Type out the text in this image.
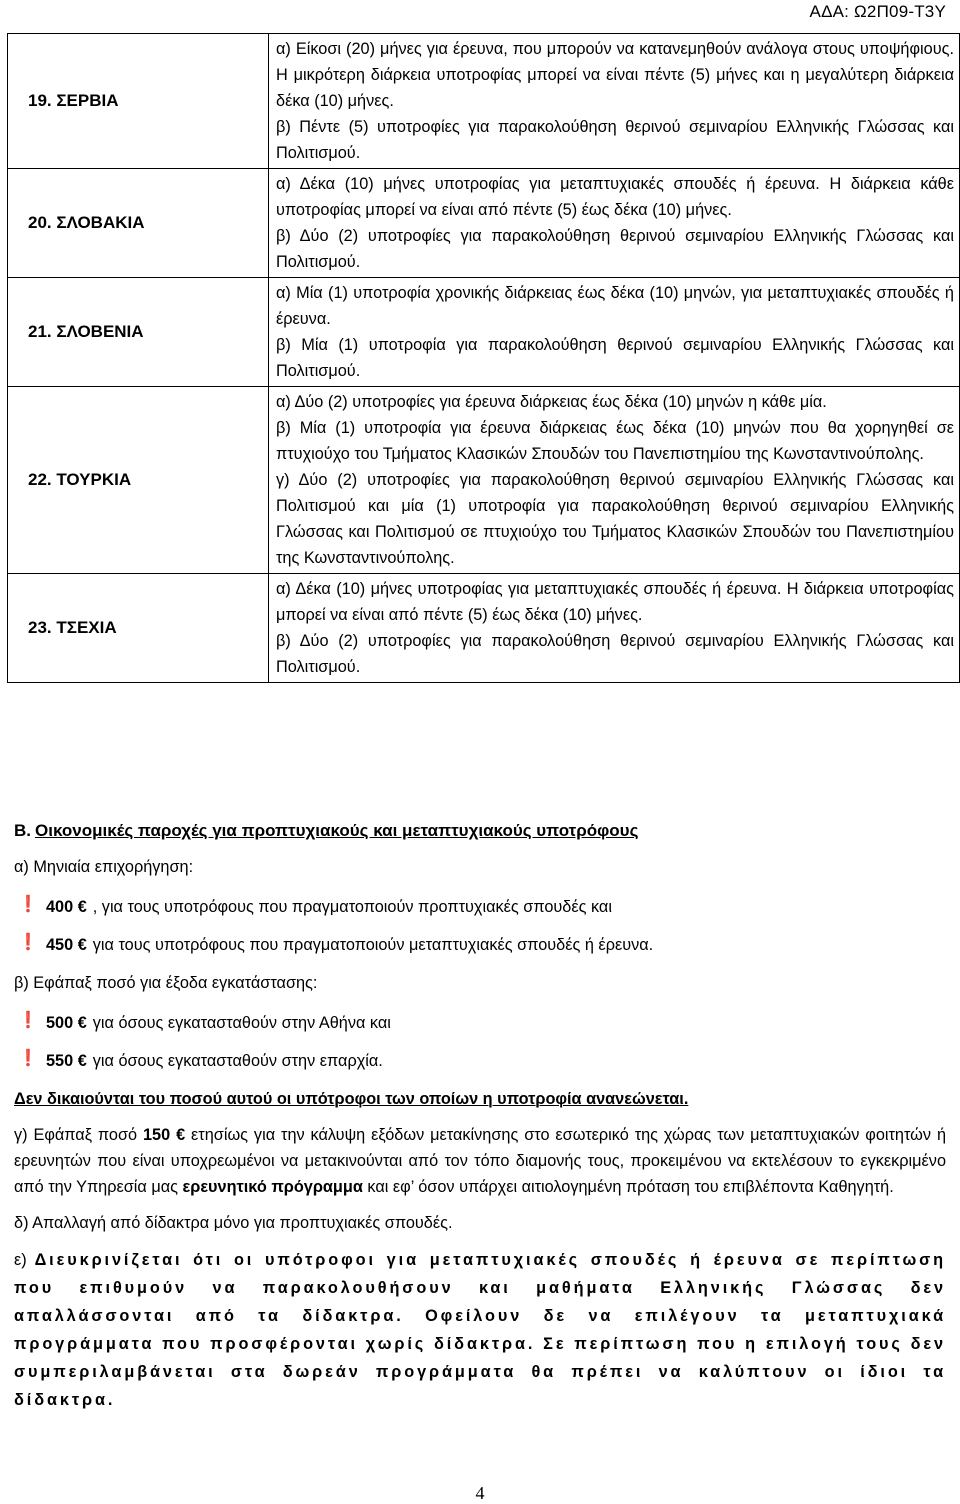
ΑΔΑ: Ω2Π09-Τ3Υ
19. ΣΕΡΒΙΑ	α) Είκοσι (20) μήνες για έρευνα, που μπορούν να κατανεμηθούν ανάλογα στους υποψήφιους. Η μικρότερη διάρκεια υποτροφίας μπορεί να είναι πέντε (5) μήνες και η μεγαλύτερη διάρκεια δέκα (10) μήνες.

β) Πέντε (5) υποτροφίες για παρακολούθηση θερινού σεμιναρίου Ελληνικής Γλώσσας και Πολιτισμού.

20. ΣΛΟΒΑΚΙΑ	α) Δέκα (10) μήνες υποτροφίας για μεταπτυχιακές σπουδές ή έρευνα. Η διάρκεια κάθε υποτροφίας μπορεί να είναι από πέντε (5) έως δέκα (10) μήνες.

β) Δύο (2) υποτροφίες για παρακολούθηση θερινού σεμιναρίου Ελληνικής Γλώσσας και Πολιτισμού.

21. ΣΛΟΒΕΝΙΑ	α) Μία (1) υποτροφία χρονικής διάρκειας έως δέκα (10) μηνών, για μεταπτυχιακές σπουδές ή έρευνα.

β) Μία (1) υποτροφία για παρακολούθηση θερινού σεμιναρίου Ελληνικής Γλώσσας και Πολιτισμού.

22. ΤΟΥΡΚΙΑ	α) Δύο (2) υποτροφίες για έρευνα διάρκειας έως δέκα (10) μηνών η κάθε μία.

β) Μία (1) υποτροφία για έρευνα διάρκειας έως δέκα (10) μηνών που θα χορηγηθεί σε πτυχιούχο του Τμήματος Κλασικών Σπουδών του Πανεπιστημίου της Κωνσταντινούπολης.

γ) Δύο (2) υποτροφίες για παρακολούθηση θερινού σεμιναρίου Ελληνικής Γλώσσας και Πολιτισμού και μία (1) υποτροφία για παρακολούθηση θερινού σεμιναρίου Ελληνικής Γλώσσας και Πολιτισμού σε πτυχιούχο του Τμήματος Κλασικών Σπουδών του Πανεπιστημίου της Κωνσταντινούπολης.

23. ΤΣΕΧΙΑ	α) Δέκα (10) μήνες υποτροφίας για μεταπτυχιακές σπουδές ή έρευνα. Η διάρκεια υποτροφίας μπορεί να είναι από πέντε (5) έως δέκα (10) μήνες.

β) Δύο (2) υποτροφίες για παρακολούθηση θερινού σεμιναρίου Ελληνικής Γλώσσας και Πολιτισμού.

Β. Οικονομικές παροχές για προπτυχιακούς και μεταπτυχιακούς υποτρόφους

α) Μηνιαία επιχορήγηση:

❗ 400 € , για τους υποτρόφους που πραγματοποιούν προπτυχιακές σπουδές και

❗ 450 € για τους υποτρόφους που πραγματοποιούν μεταπτυχιακές σπουδές ή έρευνα.

β) Εφάπαξ ποσό για έξοδα εγκατάστασης:

❗ 500 € για όσους εγκατασταθούν στην Αθήνα και

❗ 550 € για όσους εγκατασταθούν στην επαρχία.

Δεν δικαιούνται του ποσού αυτού οι υπότροφοι των οποίων η υποτροφία ανανεώνεται.

γ) Εφάπαξ ποσό 150 € ετησίως για την κάλυψη εξόδων μετακίνησης στο εσωτερικό της χώρας των μεταπτυχιακών φοιτητών ή ερευνητών που είναι υποχρεωμένοι να μετακινούνται από τον τόπο διαμονής τους, προκειμένου να εκτελέσουν το εγκεκριμένο από την Υπηρεσία μας ερευνητικό πρόγραμμα και εφ’ όσον υπάρχει αιτιολογημένη πρόταση του επιβλέποντα Καθηγητή.

δ) Απαλλαγή από δίδακτρα μόνο για προπτυχιακές σπουδές.

ε) Διευκρινίζεται ότι οι υπότροφοι για μεταπτυχιακές σπουδές ή έρευνα σε περίπτωση που επιθυμούν να παρακολουθήσουν και μαθήματα Ελληνικής Γλώσσας δεν απαλλάσσονται από τα δίδακτρα. Οφείλουν δε να επιλέγουν τα μεταπτυχιακά προγράμματα που προσφέρονται χωρίς δίδακτρα. Σε περίπτωση που η επιλογή τους δεν συμπεριλαμβάνεται στα δωρεάν προγράμματα θα πρέπει να καλύπτουν οι ίδιοι τα δίδακτρα.

4
